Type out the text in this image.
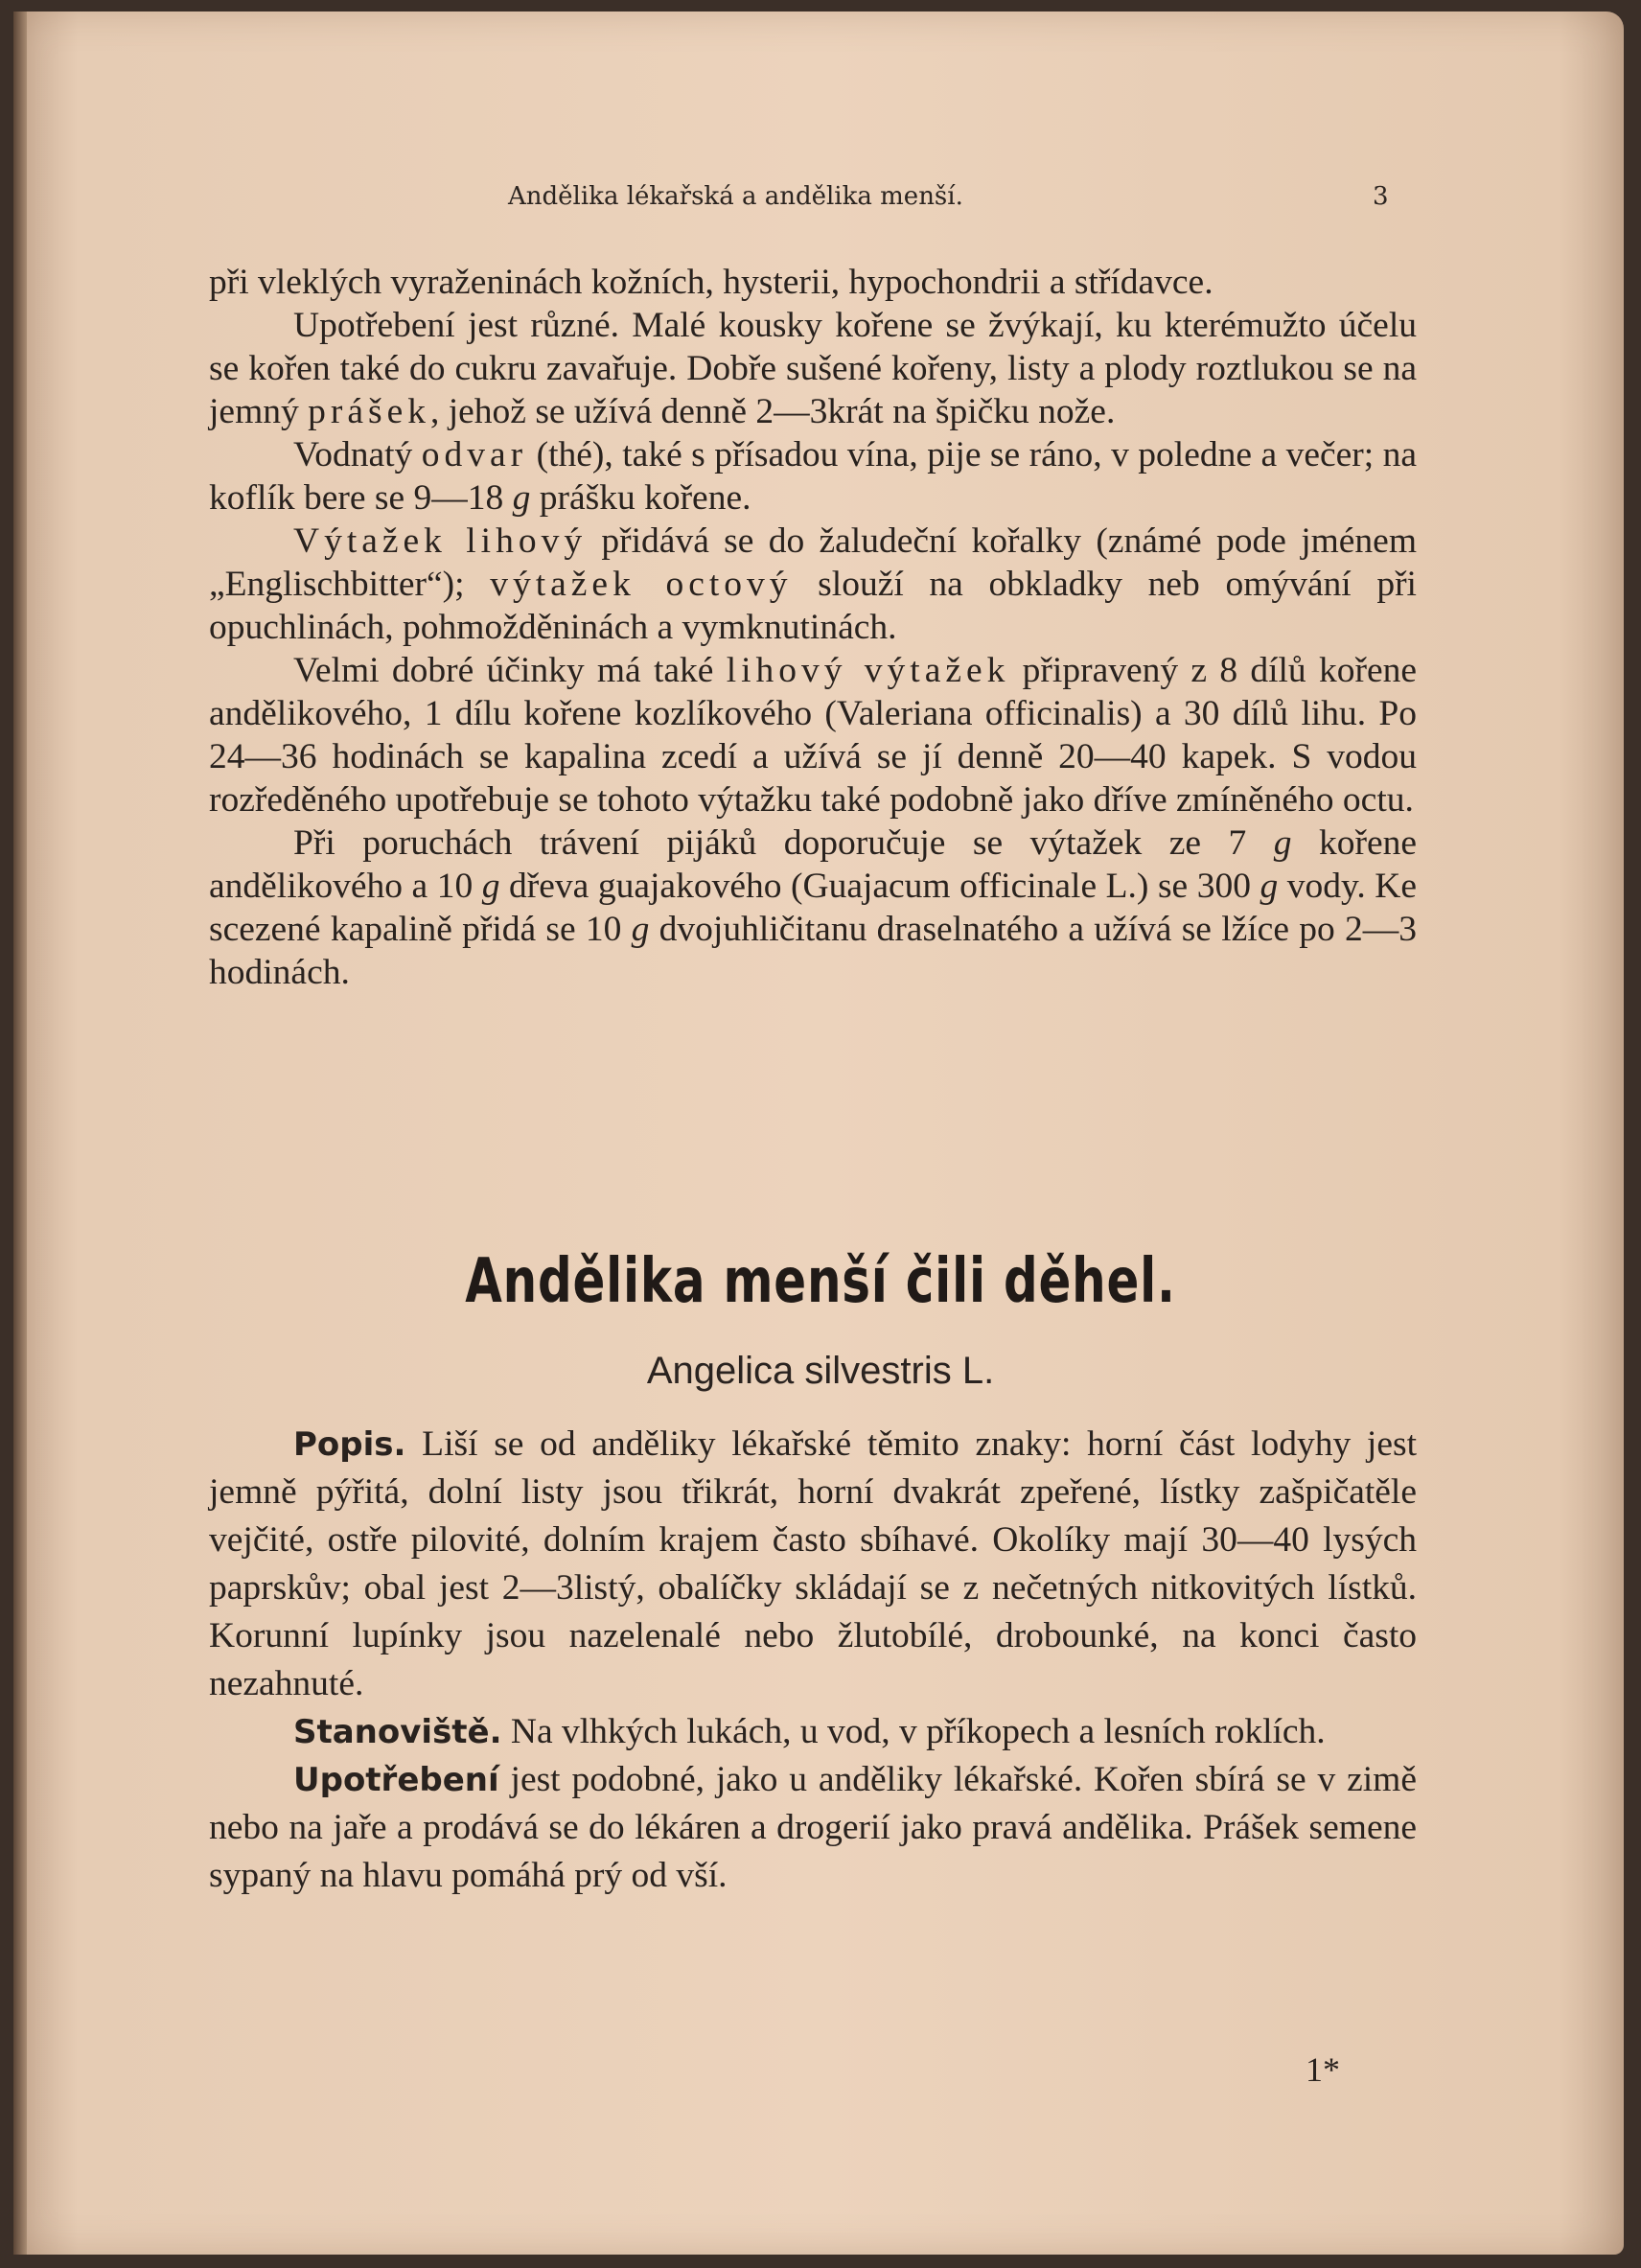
Andělika lékařská a andělika menší.	3

při vleklých vyraženinách kožních, hysterii, hypochondrii a střídavce.

Upotřebení jest různé. Malé kousky kořene se žvýkají, ku kterémužto účelu se kořen také do cukru zavařuje. Dobře sušené kořeny, listy a plody roztlukou se na jemný prášek, jehož se užívá denně 2—3krát na špičku nože.

Vodnatý odvar (thé), také s přísadou vína, pije se ráno, v poledne a večer; na koflík bere se 9—18 g prášku kořene.

Výtažek lihový přidává se do žaludeční kořalky (známé pode jménem „Englischbitter“); výtažek octový slouží na obkladky neb omývání při opuchlinách, pohmožděninách a vymknutinách.

Velmi dobré účinky má také lihový výtažek připravený z 8 dílů kořene andělikového, 1 dílu kořene kozlíkového (Valeriana officinalis) a 30 dílů lihu. Po 24—36 hodinách se kapalina zcedí a užívá se jí denně 20—40 kapek. S vodou rozředěného upotřebuje se tohoto výtažku také podobně jako dříve zmíněného octu.

Při poruchách trávení pijáků doporučuje se výtažek ze 7 g kořene andělikového a 10 g dřeva guajakového (Guajacum officinale L.) se 300 g vody. Ke scezené kapalině přidá se 10 g dvojuhličitanu draselnatého a užívá se lžíce po 2—3 hodinách.

Andělika menší čili děhel.
Angelica silvestris L.

Popis. Liší se od anděliky lékařské těmito znaky: horní část lodyhy jest jemně pýřitá, dolní listy jsou třikrát, horní dvakrát zpeřené, lístky zašpičatěle vejčité, ostře pilovité, dolním krajem často sbíhavé. Okolíky mají 30—40 lysých paprskův; obal jest 2—3listý, obalíčky skládají se z nečetných nitkovitých lístků. Korunní lupínky jsou nazelenalé nebo žlutobílé, drobounké, na konci často nezahnuté.

Stanoviště. Na vlhkých lukách, u vod, v příkopech a lesních roklích.

Upotřebení jest podobné, jako u anděliky lékařské. Kořen sbírá se v zimě nebo na jaře a prodává se do lékáren a drogerií jako pravá andělika. Prášek semene sypaný na hlavu pomáhá prý od vší.

1*
